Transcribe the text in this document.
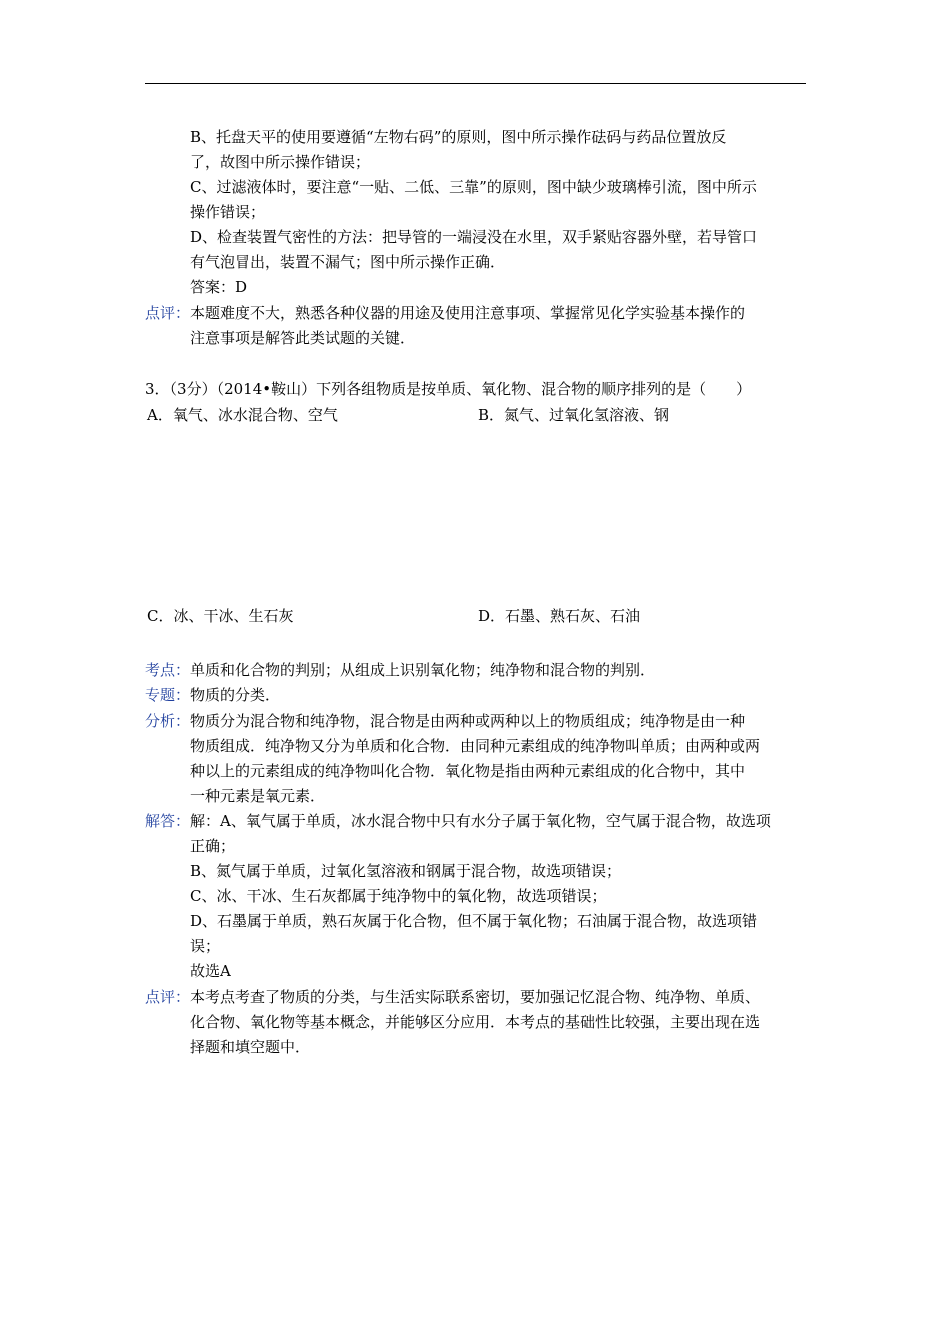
B、托盘天平的使用要遵循“左物右码”的原则，图中所示操作砝码与药品位置放反
了，故图中所示操作错误；
C、过滤液体时，要注意“一贴、二低、三靠”的原则，图中缺少玻璃棒引流，图中所示
操作错误；
D、检查装置气密性的方法：把导管的一端浸没在水里，双手紧贴容器外壁，若导管口
有气泡冒出，装置不漏气；图中所示操作正确．
答案：D
点评： 本题难度不大，熟悉各种仪器的用途及使用注意事项、掌握常见化学实验基本操作的
注意事项是解答此类试题的关键．
3．（3分）（2014•鞍山）下列各组物质是按单质、氧化物、混合物的顺序排列的是（　　）
A．氧气、冰水混合物、空气	B．氮气、过氧化氢溶液、钢
C．冰、干冰、生石灰	D．石墨、熟石灰、石油
考点： 单质和化合物的判别；从组成上识别氧化物；纯净物和混合物的判别．
专题： 物质的分类．
分析： 物质分为混合物和纯净物，混合物是由两种或两种以上的物质组成；纯净物是由一种
物质组成．纯净物又分为单质和化合物．由同种元素组成的纯净物叫单质；由两种或两
种以上的元素组成的纯净物叫化合物．氧化物是指由两种元素组成的化合物中，其中
一种元素是氧元素．
解答： 解：A、氧气属于单质，冰水混合物中只有水分子属于氧化物，空气属于混合物，故选项
正确；
B、氮气属于单质，过氧化氢溶液和钢属于混合物，故选项错误；
C、冰、干冰、生石灰都属于纯净物中的氧化物，故选项错误；
D、石墨属于单质，熟石灰属于化合物，但不属于氧化物；石油属于混合物，故选项错
误；
故选A
点评： 本考点考查了物质的分类，与生活实际联系密切，要加强记忆混合物、纯净物、单质、
化合物、氧化物等基本概念，并能够区分应用．本考点的基础性比较强，主要出现在选
择题和填空题中．
